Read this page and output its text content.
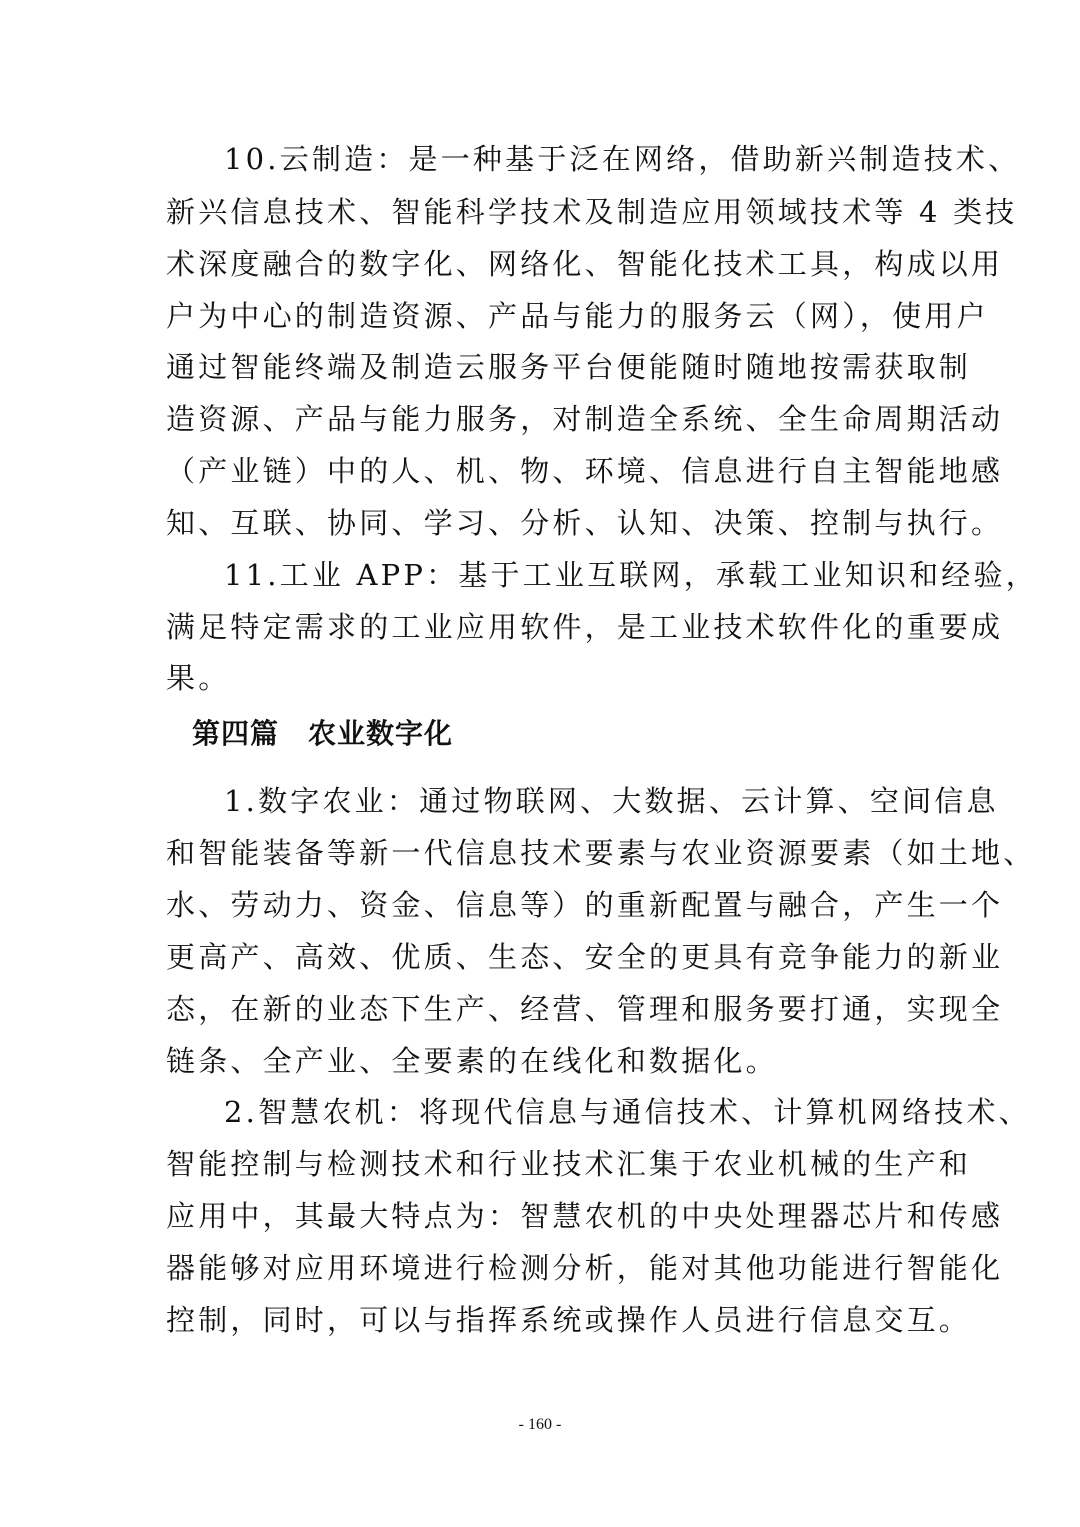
10.云制造：是一种基于泛在网络，借助新兴制造技术、
新兴信息技术、智能科学技术及制造应用领域技术等 4 类技
术深度融合的数字化、网络化、智能化技术工具，构成以用
户为中心的制造资源、产品与能力的服务云（网），使用户
通过智能终端及制造云服务平台便能随时随地按需获取制
造资源、产品与能力服务，对制造全系统、全生命周期活动
（产业链）中的人、机、物、环境、信息进行自主智能地感
知、互联、协同、学习、分析、认知、决策、控制与执行。
11.工业 APP：基于工业互联网，承载工业知识和经验，
满足特定需求的工业应用软件，是工业技术软件化的重要成
果。
第四篇　农业数字化
1.数字农业：通过物联网、大数据、云计算、空间信息
和智能装备等新一代信息技术要素与农业资源要素（如土地、
水、劳动力、资金、信息等）的重新配置与融合，产生一个
更高产、高效、优质、生态、安全的更具有竞争能力的新业
态，在新的业态下生产、经营、管理和服务要打通，实现全
链条、全产业、全要素的在线化和数据化。
2.智慧农机：将现代信息与通信技术、计算机网络技术、
智能控制与检测技术和行业技术汇集于农业机械的生产和
应用中，其最大特点为：智慧农机的中央处理器芯片和传感
器能够对应用环境进行检测分析，能对其他功能进行智能化
控制，同时，可以与指挥系统或操作人员进行信息交互。
- 160 -
